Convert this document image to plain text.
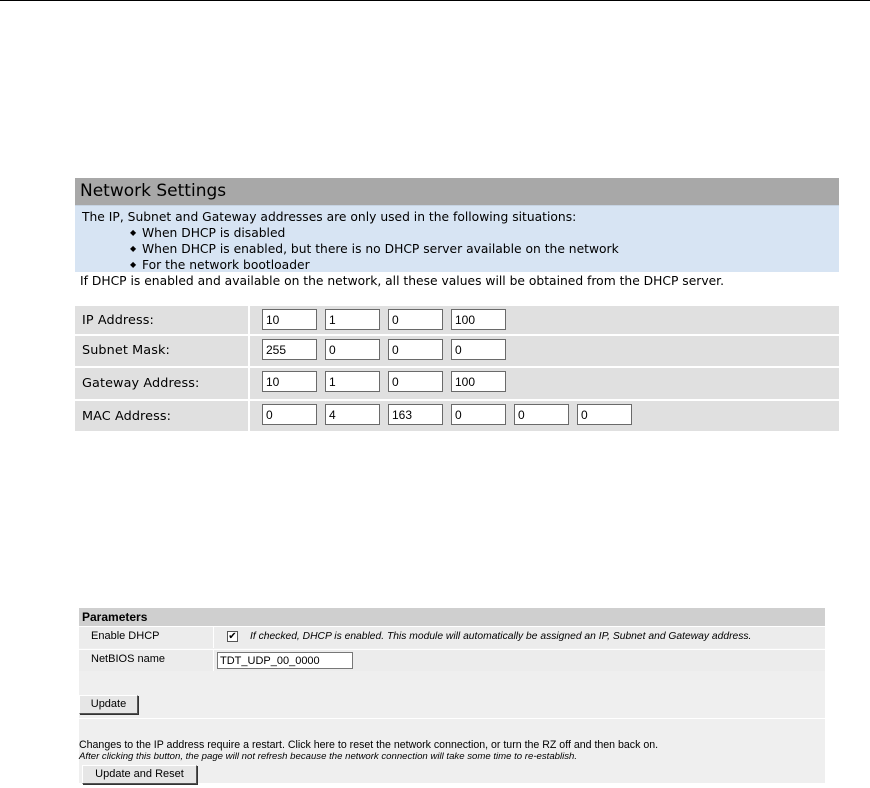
Network Settings
The IP, Subnet and Gateway addresses are only used in the following situations:
◆ When DHCP is disabled
◆ When DHCP is enabled, but there is no DHCP server available on the network
◆ For the network bootloader
If DHCP is enabled and available on the network, all these values will be obtained from the DHCP server.
IP Address:	10	1	0	100
Subnet Mask:	255	0	0	0
Gateway Address:	10	1	0	100
MAC Address:	0	4	163	0	0	0
Parameters
Enable DHCP	✔ If checked, DHCP is enabled. This module will automatically be assigned an IP, Subnet and Gateway address.
NetBIOS name	TDT_UDP_00_0000
Update
Changes to the IP address require a restart. Click here to reset the network connection, or turn the RZ off and then back on.
After clicking this button, the page will not refresh because the network connection will take some time to re-establish.
Update and Reset
